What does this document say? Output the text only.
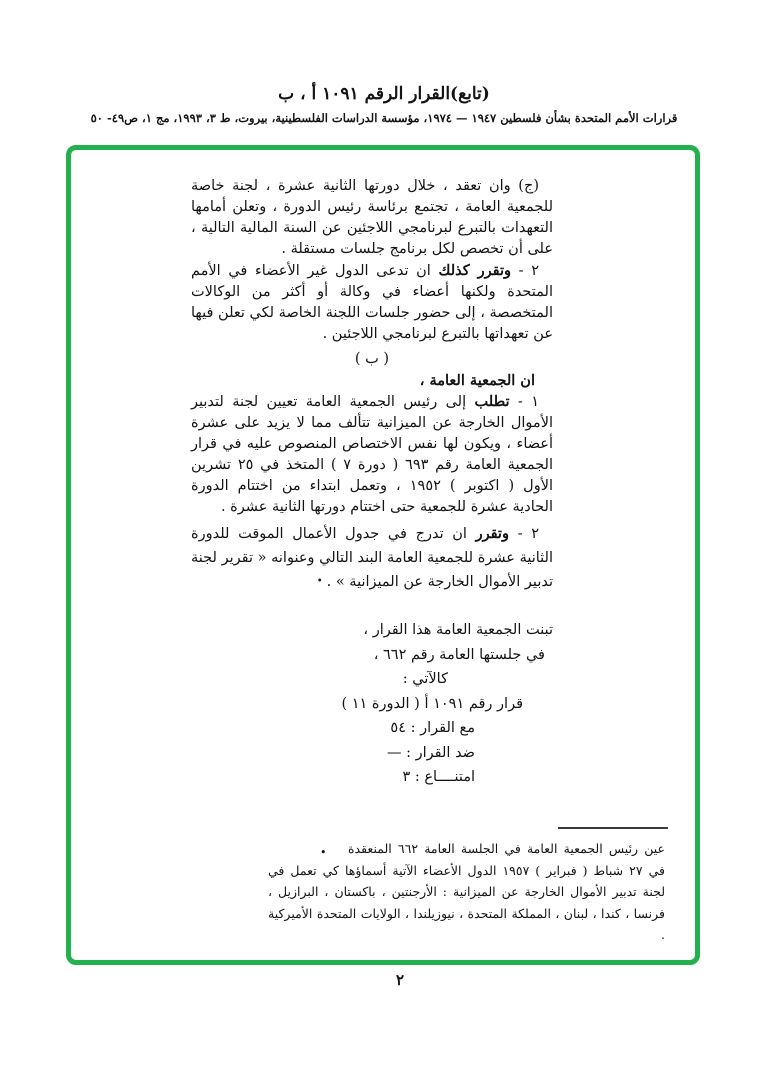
(تابع)القرار الرقم ١٠٩١ أ ، ب
قرارات الأمم المتحدة بشأن فلسطين ١٩٤٧ — ١٩٧٤، مؤسسة الدراسات الفلسطينية، بيروت، ط ٣، ١٩٩٣، مج ١، ص٤٩- ٥٠

(ج) وان تعقد ، خلال دورتها الثانية عشرة ، لجنة خاصة للجمعية العامة ، تجتمع برئاسة رئيس الدورة ، وتعلن أمامها التعهدات بالتبرع لبرنامجي اللاجئين عن السنة المالية التالية ، على أن تخصص لكل برنامج جلسات مستقلة .

٢ - وتقرر كذلك ان تدعى الدول غير الأعضاء في الأمم المتحدة ولكنها أعضاء في وكالة أو أكثر من الوكالات المتخصصة ، إلى حضور جلسات اللجنة الخاصة لكي تعلن فيها عن تعهداتها بالتبرع لبرنامجي اللاجئين .

( ب )

ان الجمعية العامة ،

١ - تطلب إلى رئيس الجمعية العامة تعيين لجنة لتدبير الأموال الخارجة عن الميزانية تتألف مما لا يزيد على عشرة أعضاء ، ويكون لها نفس الاختصاص المنصوص عليه في قرار الجمعية العامة رقم ٦٩٣ ( دورة ٧ ) المتخذ في ٢٥ تشرين الأول ( اكتوبر ) ١٩٥٢ ، وتعمل ابتداء من اختتام الدورة الحادية عشرة للجمعية حتى اختتام دورتها الثانية عشرة .

٢ - وتقرر ان تدرج في جدول الأعمال الموقت للدورة الثانية عشرة للجمعية العامة البند التالي وعنوانه « تقرير لجنة تدبير الأموال الخارجة عن الميزانية » .•

تبنت الجمعية العامة هذا القرار ،
في جلستها العامة رقم ٦٦٢ ،
كالآتي :
قرار رقم ١٠٩١ أ ( الدورة ١١ )
مع القرار : ٥٤
ضد القرار : —
امتنــــاع : ٣
• عين رئيس الجمعية العامة في الجلسة العامة ٦٦٢ المنعقدة في ٢٧ شباط ( فبراير ) ١٩٥٧ الدول الأعضاء الآتية أسماؤها كي تعمل في لجنة تدبير الأموال الخارجة عن الميزانية : الأرجنتين ، باكستان ، البرازيل ، فرنسا ، كندا ، لبنان ، المملكة المتحدة ، نيوزيلندا ، الولايات المتحدة الأميركية .
٢
